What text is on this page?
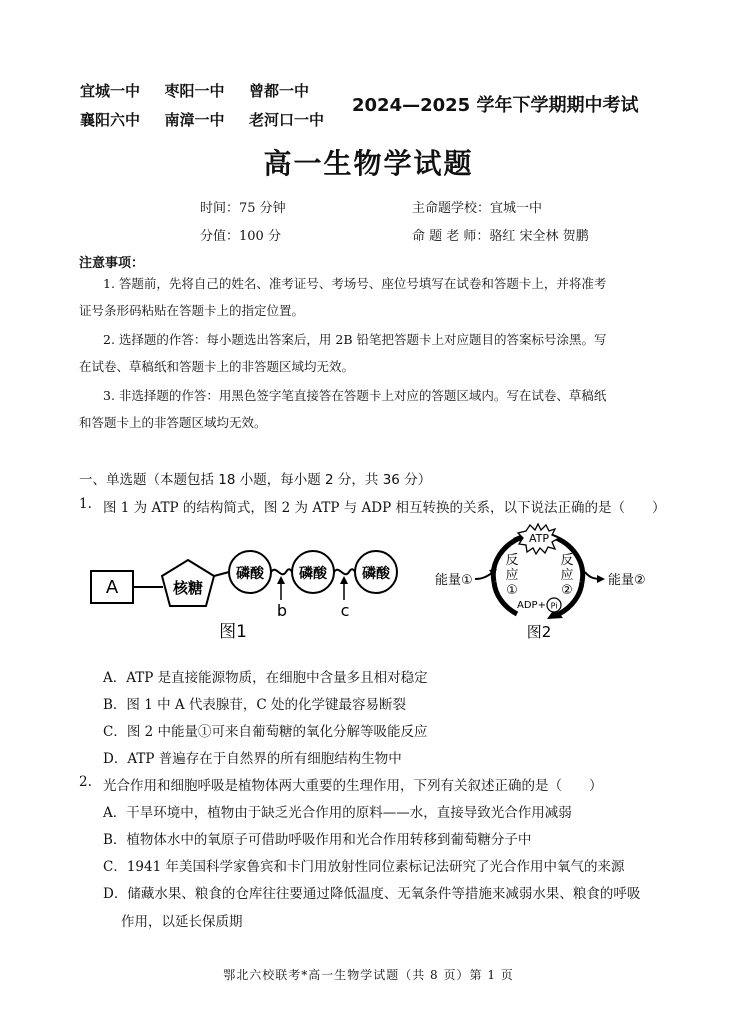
宜城一中 枣阳一中 曾都一中
襄阳六中 南漳一中 老河口一中
2024—2025 学年下学期期中考试
高一生物学试题
时间：75 分钟	主命题学校：宜城一中
分值：100 分	命 题 老 师：骆红 宋全林 贺鹏
注意事项：
1. 答题前，先将自己的姓名、准考证号、考场号、座位号填写在试卷和答题卡上，并将准考
证号条形码粘贴在答题卡上的指定位置。
2. 选择题的作答：每小题选出答案后，用 2B 铅笔把答题卡上对应题目的答案标号涂黑。写
在试卷、草稿纸和答题卡上的非答题区域均无效。
3. 非选择题的作答：用黑色签字笔直接答在答题卡上对应的答题区域内。写在试卷、草稿纸
和答题卡上的非答题区域均无效。
一、单选题（本题包括 18 小题，每小题 2 分，共 36 分）
1. 图 1 为 ATP 的结构简式，图 2 为 ATP 与 ADP 相互转换的关系，以下说法正确的是（　　）
A	核糖
磷酸	磷酸	磷酸
b	c
图1
ATP
反
应
①
反
应
②
能量①	能量②
ADP+ Pi
图2
A．ATP 是直接能源物质，在细胞中含量多且相对稳定
B．图 1 中 A 代表腺苷，C 处的化学键最容易断裂
C．图 2 中能量①可来自葡萄糖的氧化分解等吸能反应
D．ATP 普遍存在于自然界的所有细胞结构生物中
2. 光合作用和细胞呼吸是植物体两大重要的生理作用，下列有关叙述正确的是（　　）
A．干旱环境中，植物由于缺乏光合作用的原料——水，直接导致光合作用减弱
B．植物体水中的氧原子可借助呼吸作用和光合作用转移到葡萄糖分子中
C．1941 年美国科学家鲁宾和卡门用放射性同位素标记法研究了光合作用中氧气的来源
D．储藏水果、粮食的仓库往往要通过降低温度、无氧条件等措施来减弱水果、粮食的呼吸
作用，以延长保质期
鄂北六校联考*高一生物学试题（共 8 页）第 1 页
